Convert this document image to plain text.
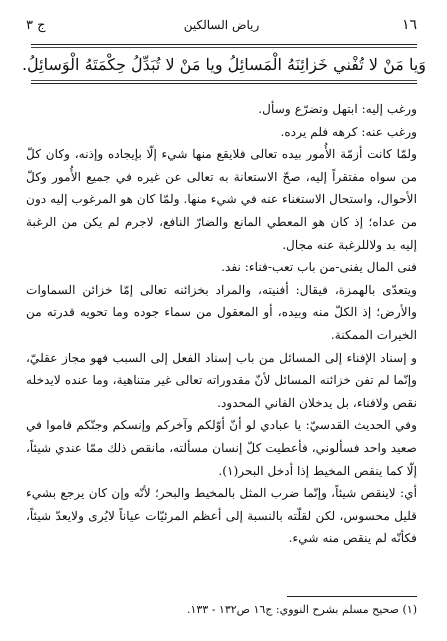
١٦
رياض السالكين
ج ٣
وَيا مَنْ لا تُفْني خَزائِنَهُ الْمَسائِلُ ويا مَنْ لا تُبَدِّلُ حِكْمَتَهُ الْوَسائِلُ.

ورغب إليه: ابتهل وتضرّع وسأل.

ورغب عنه: كرهه فلم يرده.

ولمّا كانت أزمّة الأُمور بيده تعالى فلايقع منها شيء إلّا بإيجاده وإذنه، وكان كلّ من سواه مفتقراً إليه، صحّ الاستعانة به تعالى عن غيره في جميع الأُمور وكلّ الأحوال، واستحال الاستغناء عنه في شيء منها. ولمّا كان هو المرغوب إليه دون من عداه؛ إذ كان هو المعطي المانع والضارّ النافع، لاجرم لم يكن من الرغبة إليه بد ولاللرغبة عنه مجال.

فنى المال يفنى-من باب تعب-فناء: نفد.

ويتعدّى بالهمزة، فيقال: أفنيته، والمراد بخزائنه تعالى إمّا خزائن السماوات والأرض؛ إذ الكلّ منه وبيده، أو المعقول من سماء جوده وما تحويه قدرته من الخيرات الممكنة.

و إسناد الإفناء إلى المسائل من باب إسناد الفعل إلى السبب فهو مجاز عقليّ، وإنّما لم تفن خزائنه المسائل لأنّ مقدوراته تعالى غير متناهية، وما عنده لايدخله نقص ولافناء، بل يدخلان الفاني المحدود.

وفي الحديث القدسيّ: يا عبادي لو أنّ أوّلكم وآخركم وإنسكم وجنّكم قاموا في صعيد واحد فسألوني، فأعطيت كلّ إنسان مسألته، مانقص ذلك ممّا عندي شيئاً، إلّا كما ينقص المخيط إذا أدخل البحر(١).

أي: لاينقص شيئاً، وإنّما ضرب المثل بالمخيط والبحر؛ لأنّه وإن كان يرجع بشيء قليل محسوس، لكن لقلّته بالنسبة إلى أعظم المرئيّات عياناً لايُرى ولايعدّ شيئاً، فكأنّه لم ينقص منه شيء.

(١) صحيح مسلم بشرح النووي: ج١٦ ص١٣٢ - ١٣٣.
